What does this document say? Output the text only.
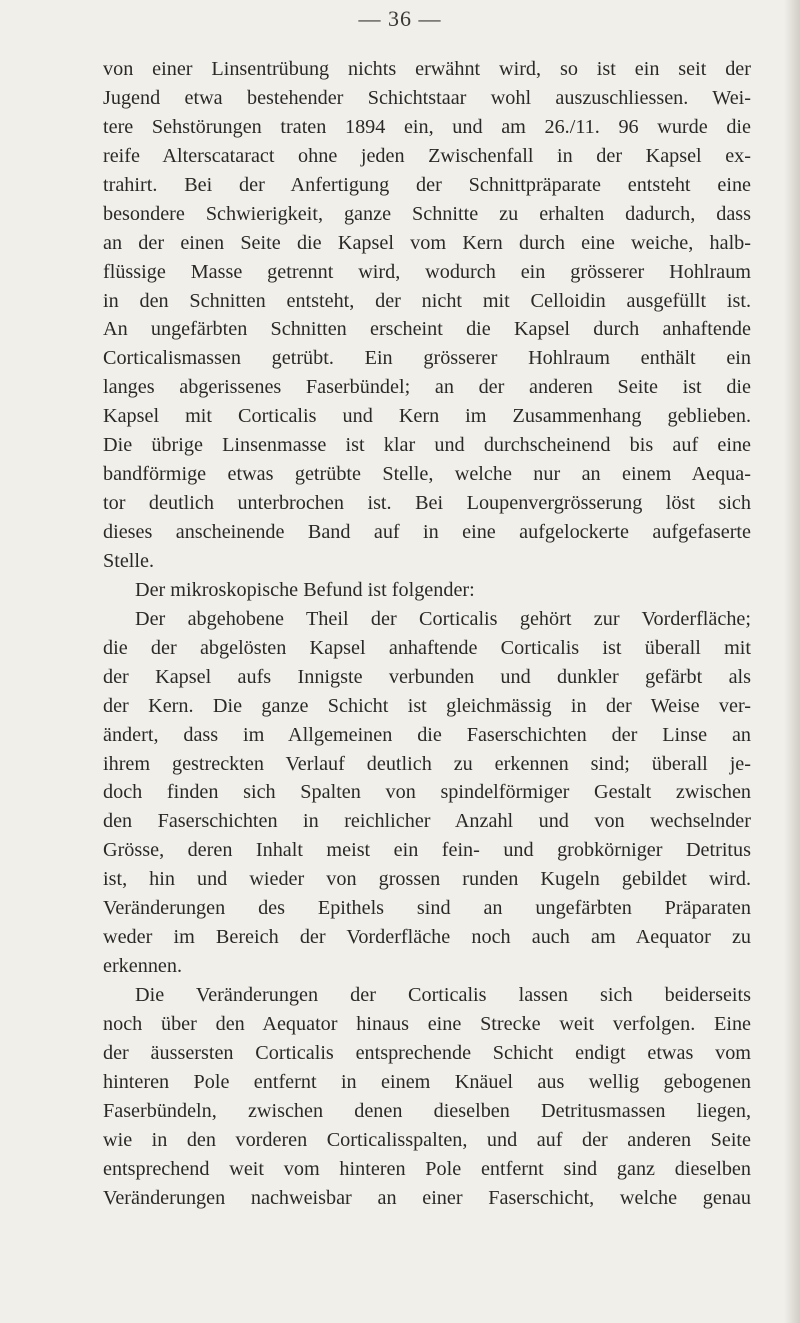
— 36 —
von einer Linsentrübung nichts erwähnt wird, so ist ein seit der
Jugend etwa bestehender Schichtstaar wohl auszuschliessen. Wei-
tere Sehstörungen traten 1894 ein, und am 26./11. 96 wurde die
reife Alterscataract ohne jeden Zwischenfall in der Kapsel ex-
trahirt. Bei der Anfertigung der Schnittpräparate entsteht eine
besondere Schwierigkeit, ganze Schnitte zu erhalten dadurch, dass
an der einen Seite die Kapsel vom Kern durch eine weiche, halb-
flüssige Masse getrennt wird, wodurch ein grösserer Hohlraum
in den Schnitten entsteht, der nicht mit Celloidin ausgefüllt ist.
An ungefärbten Schnitten erscheint die Kapsel durch anhaftende
Corticalismassen getrübt. Ein grösserer Hohlraum enthält ein
langes abgerissenes Faserbündel; an der anderen Seite ist die
Kapsel mit Corticalis und Kern im Zusammenhang geblieben.
Die übrige Linsenmasse ist klar und durchscheinend bis auf eine
bandförmige etwas getrübte Stelle, welche nur an einem Aequa-
tor deutlich unterbrochen ist. Bei Loupenvergrösserung löst sich
dieses anscheinende Band auf in eine aufgelockerte aufgefaserte
Stelle.
Der mikroskopische Befund ist folgender:
Der abgehobene Theil der Corticalis gehört zur Vorderfläche;
die der abgelösten Kapsel anhaftende Corticalis ist überall mit
der Kapsel aufs Innigste verbunden und dunkler gefärbt als
der Kern. Die ganze Schicht ist gleichmässig in der Weise ver-
ändert, dass im Allgemeinen die Faserschichten der Linse an
ihrem gestreckten Verlauf deutlich zu erkennen sind; überall je-
doch finden sich Spalten von spindelförmiger Gestalt zwischen
den Faserschichten in reichlicher Anzahl und von wechselnder
Grösse, deren Inhalt meist ein fein- und grobkörniger Detritus
ist, hin und wieder von grossen runden Kugeln gebildet wird.
Veränderungen des Epithels sind an ungefärbten Präparaten
weder im Bereich der Vorderfläche noch auch am Aequator zu
erkennen.
Die Veränderungen der Corticalis lassen sich beiderseits
noch über den Aequator hinaus eine Strecke weit verfolgen. Eine
der äussersten Corticalis entsprechende Schicht endigt etwas vom
hinteren Pole entfernt in einem Knäuel aus wellig gebogenen
Faserbündeln, zwischen denen dieselben Detritusmassen liegen,
wie in den vorderen Corticalisspalten, und auf der anderen Seite
entsprechend weit vom hinteren Pole entfernt sind ganz dieselben
Veränderungen nachweisbar an einer Faserschicht, welche genau
